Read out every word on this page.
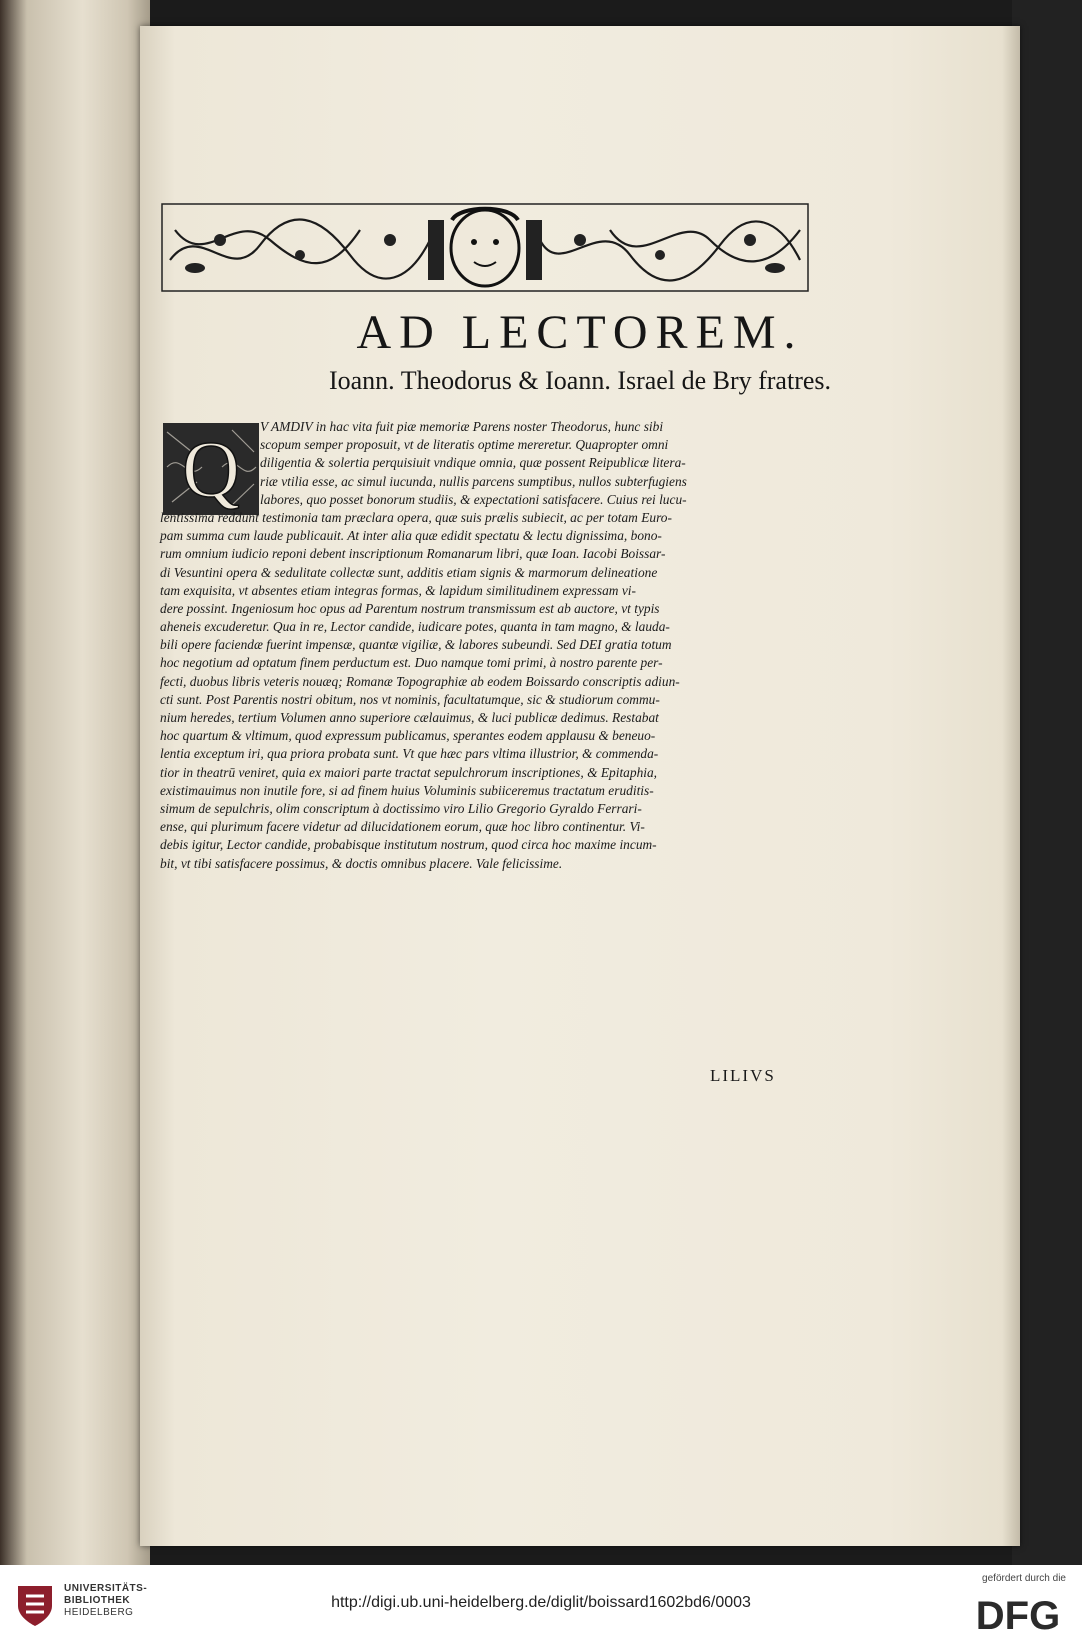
AD LECTOREM.
Ioann. Theodorus & Ioann. Israel de Bry fratres.
Q	V AMDIV in hac vita fuit piæ memoriæ Parens noster Theodorus, hunc sibi
scopum semper proposuit, vt de literatis optime mereretur. Quapropter omni
diligentia & solertia perquisiuit vndique omnia, quæ possent Reipublicæ litera-
riæ vtilia esse, ac simul iucunda, nullis parcens sumptibus, nullos subterfugiens
labores, quo posset bonorum studiis, & expectationi satisfacere. Cuius rei lucu-
lentissima reddunt testimonia tam præclara opera, quæ suis prælis subiecit, ac per totam Euro-
pam summa cum laude publicauit. At inter alia quæ edidit spectatu & lectu dignissima, bono-
rum omnium iudicio reponi debent inscriptionum Romanarum libri, quæ Ioan. Iacobi Boissar-
di Vesuntini opera & sedulitate collectæ sunt, additis etiam signis & marmorum delineatione
tam exquisita, vt absentes etiam integras formas, & lapidum similitudinem expressam vi-
dere possint. Ingeniosum hoc opus ad Parentum nostrum transmissum est ab auctore, vt typis
aheneis excuderetur. Qua in re, Lector candide, iudicare potes, quanta in tam magno, & lauda-
bili opere faciendæ fuerint impensæ, quantæ vigiliæ, & labores subeundi. Sed DEI gratia totum
hoc negotium ad optatum finem perductum est. Duo namque tomi primi, à nostro parente per-
fecti, duobus libris veteris nouæq; Romanæ Topographiæ ab eodem Boissardo conscriptis adiun-
cti sunt. Post Parentis nostri obitum, nos vt nominis, facultatumque, sic & studiorum commu-
nium heredes, tertium Volumen anno superiore cælauimus, & luci publicæ dedimus. Restabat
hoc quartum & vltimum, quod expressum publicamus, sperantes eodem applausu & beneuo-
lentia exceptum iri, qua priora probata sunt. Vt que hæc pars vltima illustrior, & commenda-
tior in theatrū veniret, quia ex maiori parte tractat sepulchrorum inscriptiones, & Epitaphia,
existimauimus non inutile fore, si ad finem huius Voluminis subiiceremus tractatum eruditis-
simum de sepulchris, olim conscriptum à doctissimo viro Lilio Gregorio Gyraldo Ferrari-
ense, qui plurimum facere videtur ad dilucidationem eorum, quæ hoc libro continentur. Vi-
debis igitur, Lector candide, probabisque institutum nostrum, quod circa hoc maxime incum-
bit, vt tibi satisfacere possimus, & doctis omnibus placere. Vale felicissime.
LILIVS
UNIVERSITÄTS-
BIBLIOTHEK
HEIDELBERG
http://digi.ub.uni-heidelberg.de/diglit/boissard1602bd6/0003
gefördert durch die
DFG
